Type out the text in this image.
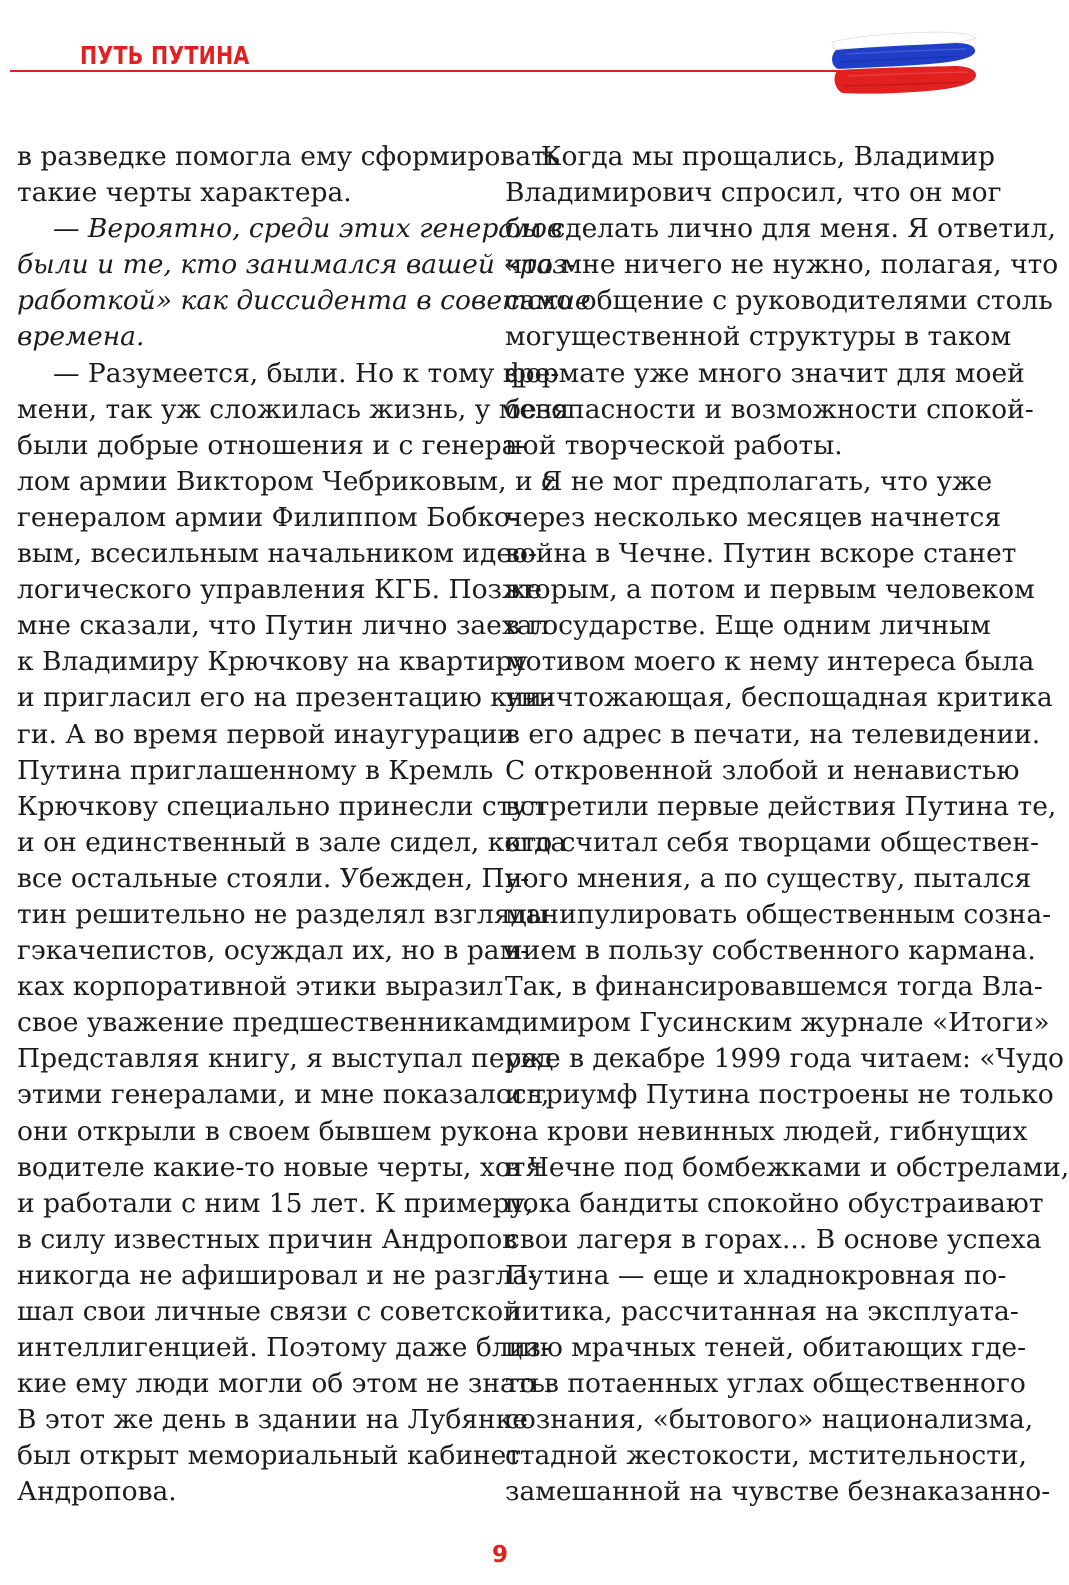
ПУТЬ ПУТИНА
в разведке помогла ему сформировать
такие черты характера.
— Вероятно, среди этих генералов
были и те, кто занимался вашей «раз-
работкой» как диссидента в советские
времена.
— Разумеется, были. Но к тому вре-
мени, так уж сложилась жизнь, у меня
были добрые отношения и с генера-
лом армии Виктором Чебриковым, и с
генералом армии Филиппом Бобко-
вым, всесильным начальником идео-
логического управления КГБ. Позже
мне сказали, что Путин лично заехал
к Владимиру Крючкову на квартиру
и пригласил его на презентацию кни-
ги. А во время первой инаугурации
Путина приглашенному в Кремль
Крючкову специально принесли стул
и он единственный в зале сидел, когда
все остальные стояли. Убежден, Пу-
тин решительно не разделял взгляды
гэкачепистов, осуждал их, но в рам-
ках корпоративной этики выразил
свое уважение предшественникам.
Представляя книгу, я выступал перед
этими генералами, и мне показалось,
они открыли в своем бывшем руко-
водителе какие-то новые черты, хотя
и работали с ним 15 лет. К примеру,
в силу известных причин Андропов
никогда не афишировал и не разгла-
шал свои личные связи с советской
интеллигенцией. Поэтому даже близ-
кие ему люди могли об этом не знать.
В этот же день в здании на Лубянке
был открыт мемориальный кабинет
Андропова.
Когда мы прощались, Владимир
Владимирович спросил, что он мог
бы сделать лично для меня. Я ответил,
что мне ничего не нужно, полагая, что
само общение с руководителями столь
могущественной структуры в таком
формате уже много значит для моей
безопасности и возможности спокой-
ной творческой работы.
Я не мог предполагать, что уже
через несколько месяцев начнется
война в Чечне. Путин вскоре станет
вторым, а потом и первым человеком
в государстве. Еще одним личным
мотивом моего к нему интереса была
уничтожающая, беспощадная критика
в его адрес в печати, на телевидении.
С откровенной злобой и ненавистью
встретили первые действия Путина те,
кто считал себя творцами обществен-
ного мнения, а по существу, пытался
манипулировать общественным созна-
нием в пользу собственного кармана.
Так, в финансировавшемся тогда Вла-
димиром Гусинским журнале «Итоги»
уже в декабре 1999 года читаем: «Чудо
и триумф Путина построены не только
на крови невинных людей, гибнущих
в Чечне под бомбежками и обстрелами,
пока бандиты спокойно обустраивают
свои лагеря в горах... В основе успеха
Путина — еще и хладнокровная по-
литика, рассчитанная на эксплуата-
цию мрачных теней, обитающих где-
то в потаенных углах общественного
сознания, «бытового» национализма,
стадной жестокости, мстительности,
замешанной на чувстве безнаказанно-
9
